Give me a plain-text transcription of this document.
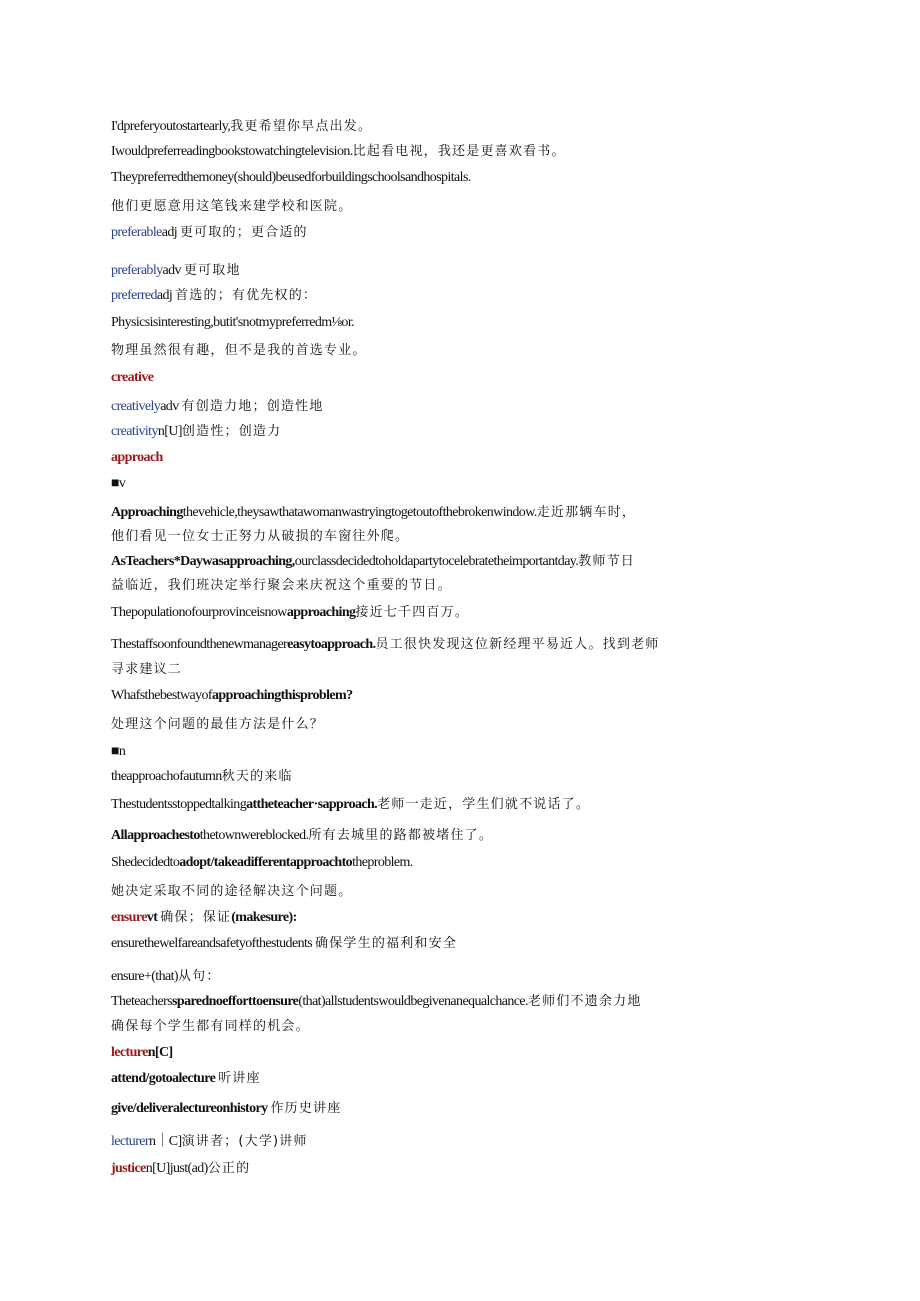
I'dpreferyoutostartearly,我更希望你早点出发。
Iwouldpreferreadingbookstowatchingtelevision.比起看电视，我还是更喜欢看书。
Theypreferredthemoney(should)beusedforbuildingschoolsandhospitals.
他们更愿意用这笔钱来建学校和医院。
preferableadj 更可取的；更合适的
preferablyadv 更可取地
preferredadj 首选的；有优先权的：
Physicsisinteresting,butit'snotmypreferredm⅛or.
物理虽然很有趣，但不是我的首选专业。
creative
creativelyadv 有创造力地；创造性地
creativityn[U]创造性；创造力
approach
■v
Approachingthevehicle,theysawthatawomanwastryingtogetoutofthebrokenwindow.走近那辆车时，
他们看见一位女士正努力从破损的车窗往外爬。
AsTeachers*Daywasapproaching,ourclassdecidedtoholdapartytocelebratetheimportantday.教师节日
益临近，我们班决定举行聚会来庆祝这个重要的节日。
Thepopulationofourprovinceisnowapproaching接近七千四百万。
Thestaffsoonfoundthenewmanagereasytoapproach.员工很快发现这位新经理平易近人。找到老师
寻求建议二
Whafsthebestwayofapproachingthisproblem?
处理这个问题的最佳方法是什么？
■n
theapproachofautumn秋天的来临
Thestudentsstoppedtalkingattheteacher·sapproach.老师一走近，学生们就不说话了。
Allapproachestothetownwereblocked.所有去城里的路都被堵住了。
Shedecidedtoadopt/takeadifferentapproachtotheproblem.
她决定采取不同的途径解决这个问题。
ensurevt 确保；保证(makesure):
ensurethewelfareandsafetyofthestudents 确保学生的福利和安全
ensure+(that)从句：
Theteacherssparednoefforttoensure(that)allstudentswouldbegivenanequalchance.老师们不遗余力地
确保每个学生都有同样的机会。
lecturen[C]
attend/gotoalecture 听讲座
give/deliveralectureonhistory 作历史讲座
lecturern｜C]演讲者；(大学)讲师
justicen[U]just(ad)公正的
